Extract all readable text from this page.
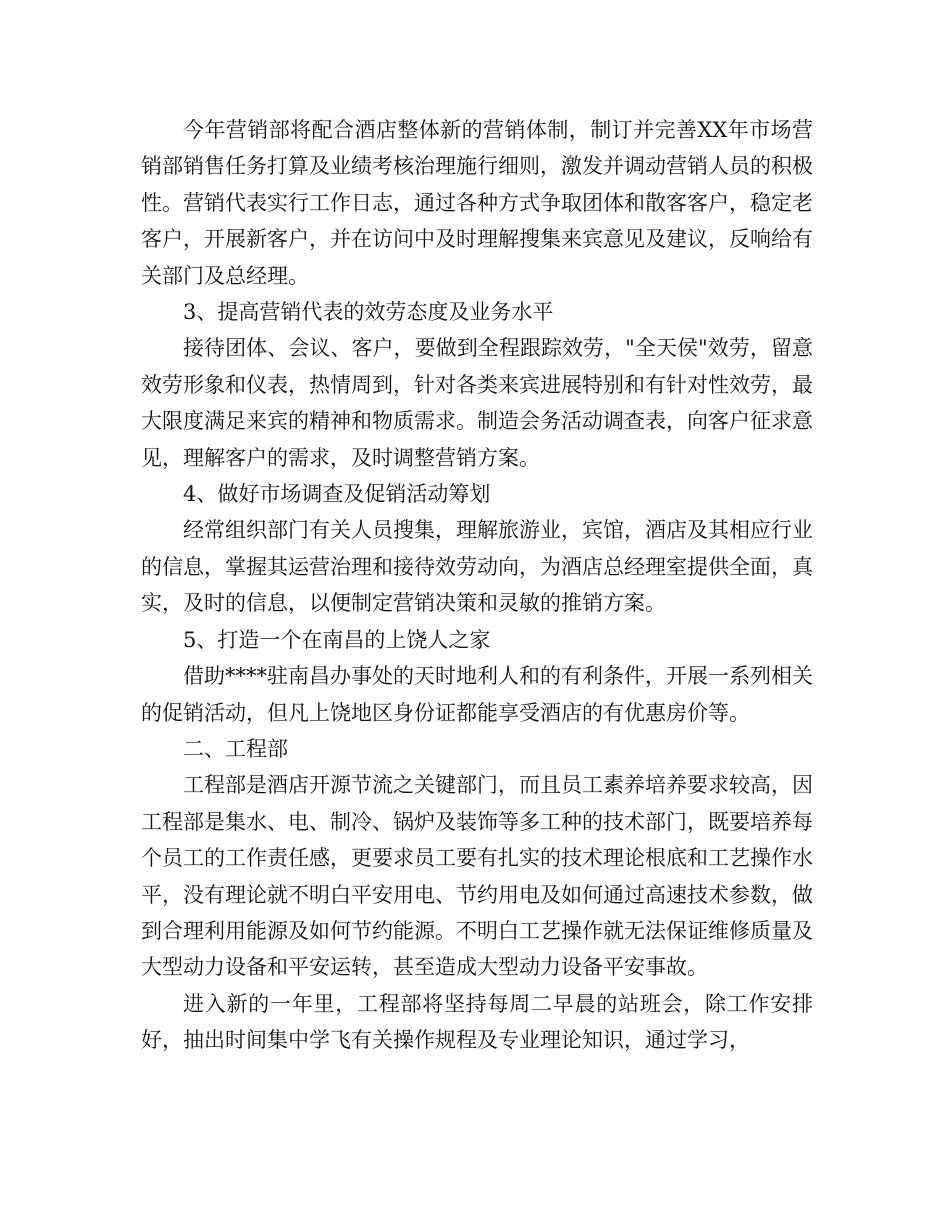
今年营销部将配合酒店整体新的营销体制，制订并完善XX年市场营销部销售任务打算及业绩考核治理施行细则，激发并调动营销人员的积极性。营销代表实行工作日志，通过各种方式争取团体和散客客户，稳定老客户，开展新客户，并在访问中及时理解搜集来宾意见及建议，反响给有关部门及总经理。

3、提高营销代表的效劳态度及业务水平

接待团体、会议、客户，要做到全程跟踪效劳，"全天侯"效劳，留意效劳形象和仪表，热情周到，针对各类来宾进展特别和有针对性效劳，最大限度满足来宾的精神和物质需求。制造会务活动调查表，向客户征求意见，理解客户的需求，及时调整营销方案。

4、做好市场调查及促销活动筹划

经常组织部门有关人员搜集，理解旅游业，宾馆，酒店及其相应行业的信息，掌握其运营治理和接待效劳动向，为酒店总经理室提供全面，真实，及时的信息，以便制定营销决策和灵敏的推销方案。

5、打造一个在南昌的上饶人之家

借助****驻南昌办事处的天时地利人和的有利条件，开展一系列相关的促销活动，但凡上饶地区身份证都能享受酒店的有优惠房价等。

二、工程部

工程部是酒店开源节流之关键部门，而且员工素养培养要求较高，因工程部是集水、电、制冷、锅炉及装饰等多工种的技术部门，既要培养每个员工的工作责任感，更要求员工要有扎实的技术理论根底和工艺操作水平，没有理论就不明白平安用电、节约用电及如何通过高速技术参数，做到合理利用能源及如何节约能源。不明白工艺操作就无法保证维修质量及大型动力设备和平安运转，甚至造成大型动力设备平安事故。

进入新的一年里，工程部将坚持每周二早晨的站班会，除工作安排好，抽出时间集中学飞有关操作规程及专业理论知识，通过学习，
